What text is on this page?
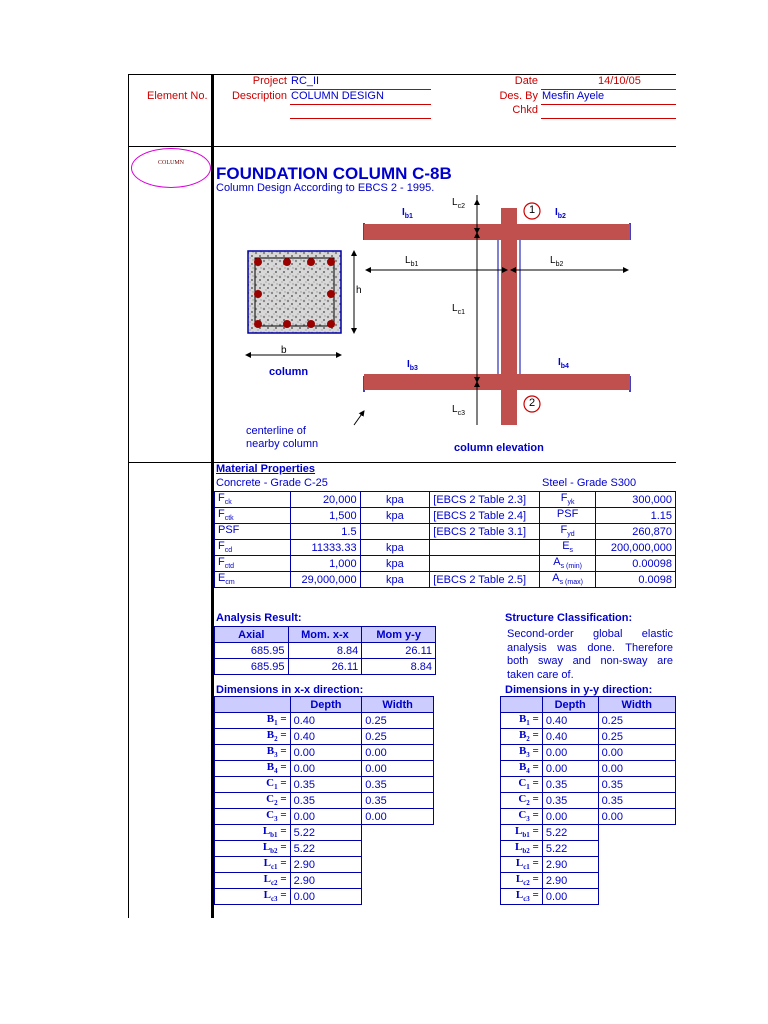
Element No.
Project RC_II
Description COLUMN DESIGN
Date	14/10/05
Des. By Mesfin Ayele
Chkd
COLUMN
FOUNDATION COLUMN C-8B
Column Design According to EBCS 2 - 1995.
$L_{c2}$
$I_{b1}$	$I_{b2}$
1
$L_{b1}$	$L_{b2}$
h
$L_{c1}$
b
$I_{b3}$
$I_{b4}$
column
2
$L_{c3}$
centerline of
nearby column	column elevation
Material Properties
Concrete - Grade C-25	Steel - Grade S300
$F_{ck}$	20,000	kpa	[EBCS 2 Table 2.3]	$F_{yk}$	300,000
$F_{ctk}$	1,500	kpa	[EBCS 2 Table 2.4]	PSF	1.15
PSF	1.5		[EBCS 2 Table 3.1]	$F_{yd}$	260,870
$F_{cd}$	11333.33	kpa		$E_s$	200,000,000
$F_{ctd}$	1,000	kpa		$A_{s (min)}$	0.00098
$E_{cm}$	29,000,000	kpa	[EBCS 2 Table 2.5]	$A_{s (max)}$	0.0098
Analysis Result:
Axial	Mom. x-x	Mom y-y
685.95	8.84	26.11
685.95	26.11	8.84
Structure Classification:
Second-order global elastic analysis was done. Therefore both sway and non-sway are taken care of.
Dimensions in x-x direction:	Dimensions in y-y direction:
	Depth	Width
$B_1$ =	0.40	0.25
$B_2$ =	0.40	0.25
$B_3$ =	0.00	0.00
$B_4$ =	0.00	0.00
$C_1$ =	0.35	0.35
$C_2$ =	0.35	0.35
$C_3$ =	0.00	0.00
$L_{b1}$ =	5.22	
$L_{b2}$ =	5.22	
$L_{c1}$ =	2.90	
$L_{c2}$ =	2.90	
$L_{c3}$ =	0.00	
	Depth	Width
$B_1$ =	0.40	0.25
$B_2$ =	0.40	0.25
$B_3$ =	0.00	0.00
$B_4$ =	0.00	0.00
$C_1$ =	0.35	0.35
$C_2$ =	0.35	0.35
$C_3$ =	0.00	0.00
$L_{b1}$ =	5.22	
$L_{b2}$ =	5.22	
$L_{c1}$ =	2.90	
$L_{c2}$ =	2.90	
$L_{c3}$ =	0.00	
